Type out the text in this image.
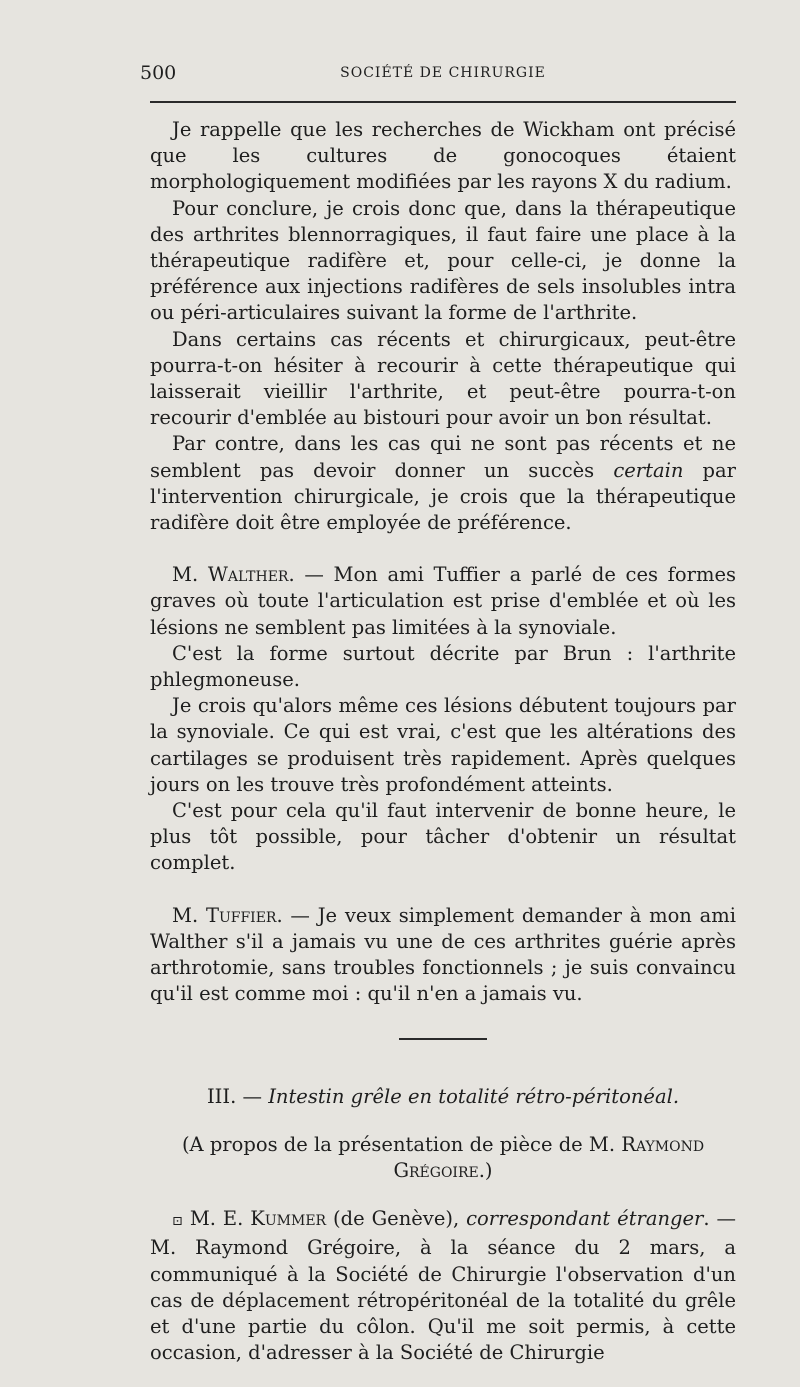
500	SOCIÉTÉ DE CHIRURGIE

Je rappelle que les recherches de Wickham ont précisé que les cultures de gonocoques étaient morphologiquement modifiées par les rayons X du radium.

Pour conclure, je crois donc que, dans la thérapeutique des arthrites blennorragiques, il faut faire une place à la thérapeutique radifère et, pour celle-ci, je donne la préférence aux injections radifères de sels insolubles intra ou péri-articulaires suivant la forme de l'arthrite.

Dans certains cas récents et chirurgicaux, peut-être pourra-t-on hésiter à recourir à cette thérapeutique qui laisserait vieillir l'arthrite, et peut-être pourra-t-on recourir d'emblée au bistouri pour avoir un bon résultat.

Par contre, dans les cas qui ne sont pas récents et ne semblent pas devoir donner un succès certain par l'intervention chirurgicale, je crois que la thérapeutique radifère doit être employée de préférence.

M. Walther. — Mon ami Tuffier a parlé de ces formes graves où toute l'articulation est prise d'emblée et où les lésions ne semblent pas limitées à la synoviale.

C'est la forme surtout décrite par Brun : l'arthrite phlegmoneuse.

Je crois qu'alors même ces lésions débutent toujours par la synoviale. Ce qui est vrai, c'est que les altérations des cartilages se produisent très rapidement. Après quelques jours on les trouve très profondément atteints.

C'est pour cela qu'il faut intervenir de bonne heure, le plus tôt possible, pour tâcher d'obtenir un résultat complet.

M. Tuffier. — Je veux simplement demander à mon ami Walther s'il a jamais vu une de ces arthrites guérie après arthrotomie, sans troubles fonctionnels ; je suis convaincu qu'il est comme moi : qu'il n'en a jamais vu.

III. — Intestin grêle en totalité rétro-péritonéal.

(A propos de la présentation de pièce de M. Raymond Grégoire.)

⊡ M. E. Kummer (de Genève), correspondant étranger. — M. Raymond Grégoire, à la séance du 2 mars, a communiqué à la Société de Chirurgie l'observation d'un cas de déplacement rétropéritonéal de la totalité du grêle et d'une partie du côlon. Qu'il me soit permis, à cette occasion, d'adresser à la Société de Chirurgie
